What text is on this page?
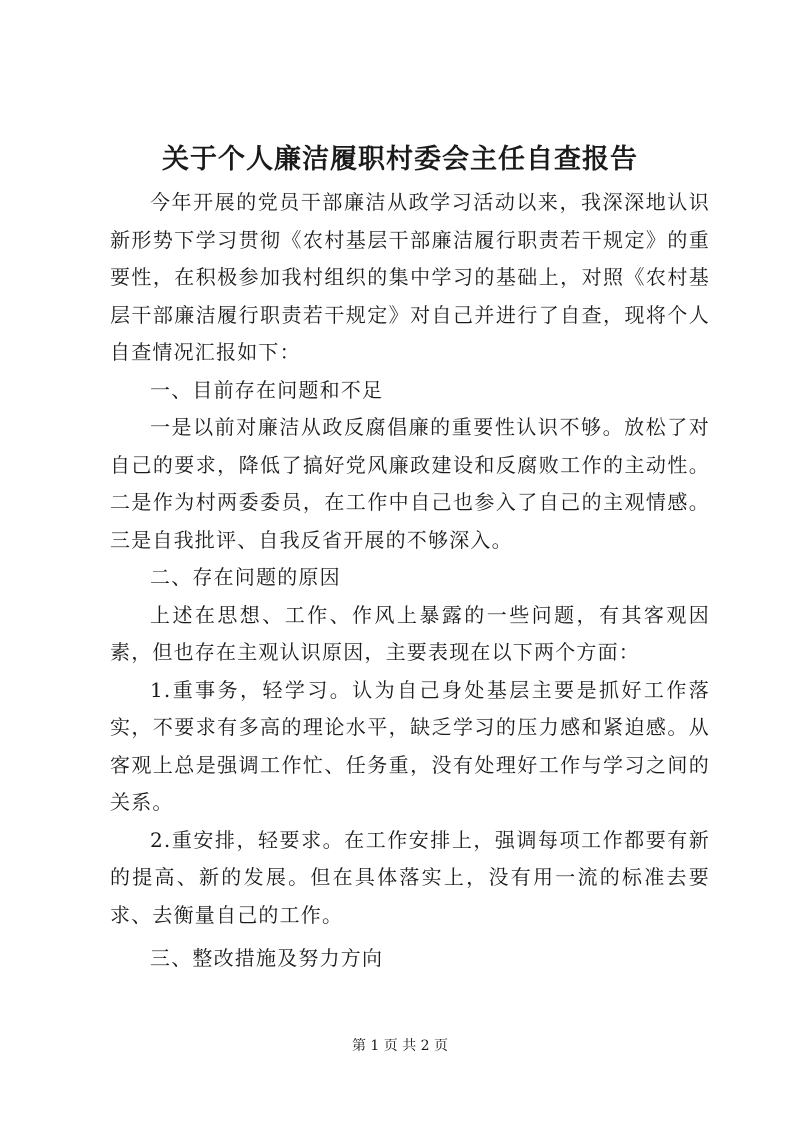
关于个人廉洁履职村委会主任自查报告

今年开展的党员干部廉洁从政学习活动以来，我深深地认识新形势下学习贯彻《农村基层干部廉洁履行职责若干规定》的重要性，在积极参加我村组织的集中学习的基础上，对照《农村基层干部廉洁履行职责若干规定》对自己并进行了自查，现将个人自查情况汇报如下：

一、目前存在问题和不足

一是以前对廉洁从政反腐倡廉的重要性认识不够。放松了对自己的要求，降低了搞好党风廉政建设和反腐败工作的主动性。二是作为村两委委员，在工作中自己也参入了自己的主观情感。三是自我批评、自我反省开展的不够深入。

二、存在问题的原因

上述在思想、工作、作风上暴露的一些问题，有其客观因素，但也存在主观认识原因，主要表现在以下两个方面：

1.重事务，轻学习。认为自己身处基层主要是抓好工作落实，不要求有多高的理论水平，缺乏学习的压力感和紧迫感。从客观上总是强调工作忙、任务重，没有处理好工作与学习之间的关系。

2.重安排，轻要求。在工作安排上，强调每项工作都要有新的提高、新的发展。但在具体落实上，没有用一流的标准去要求、去衡量自己的工作。

三、整改措施及努力方向

第 1 页 共 2 页
